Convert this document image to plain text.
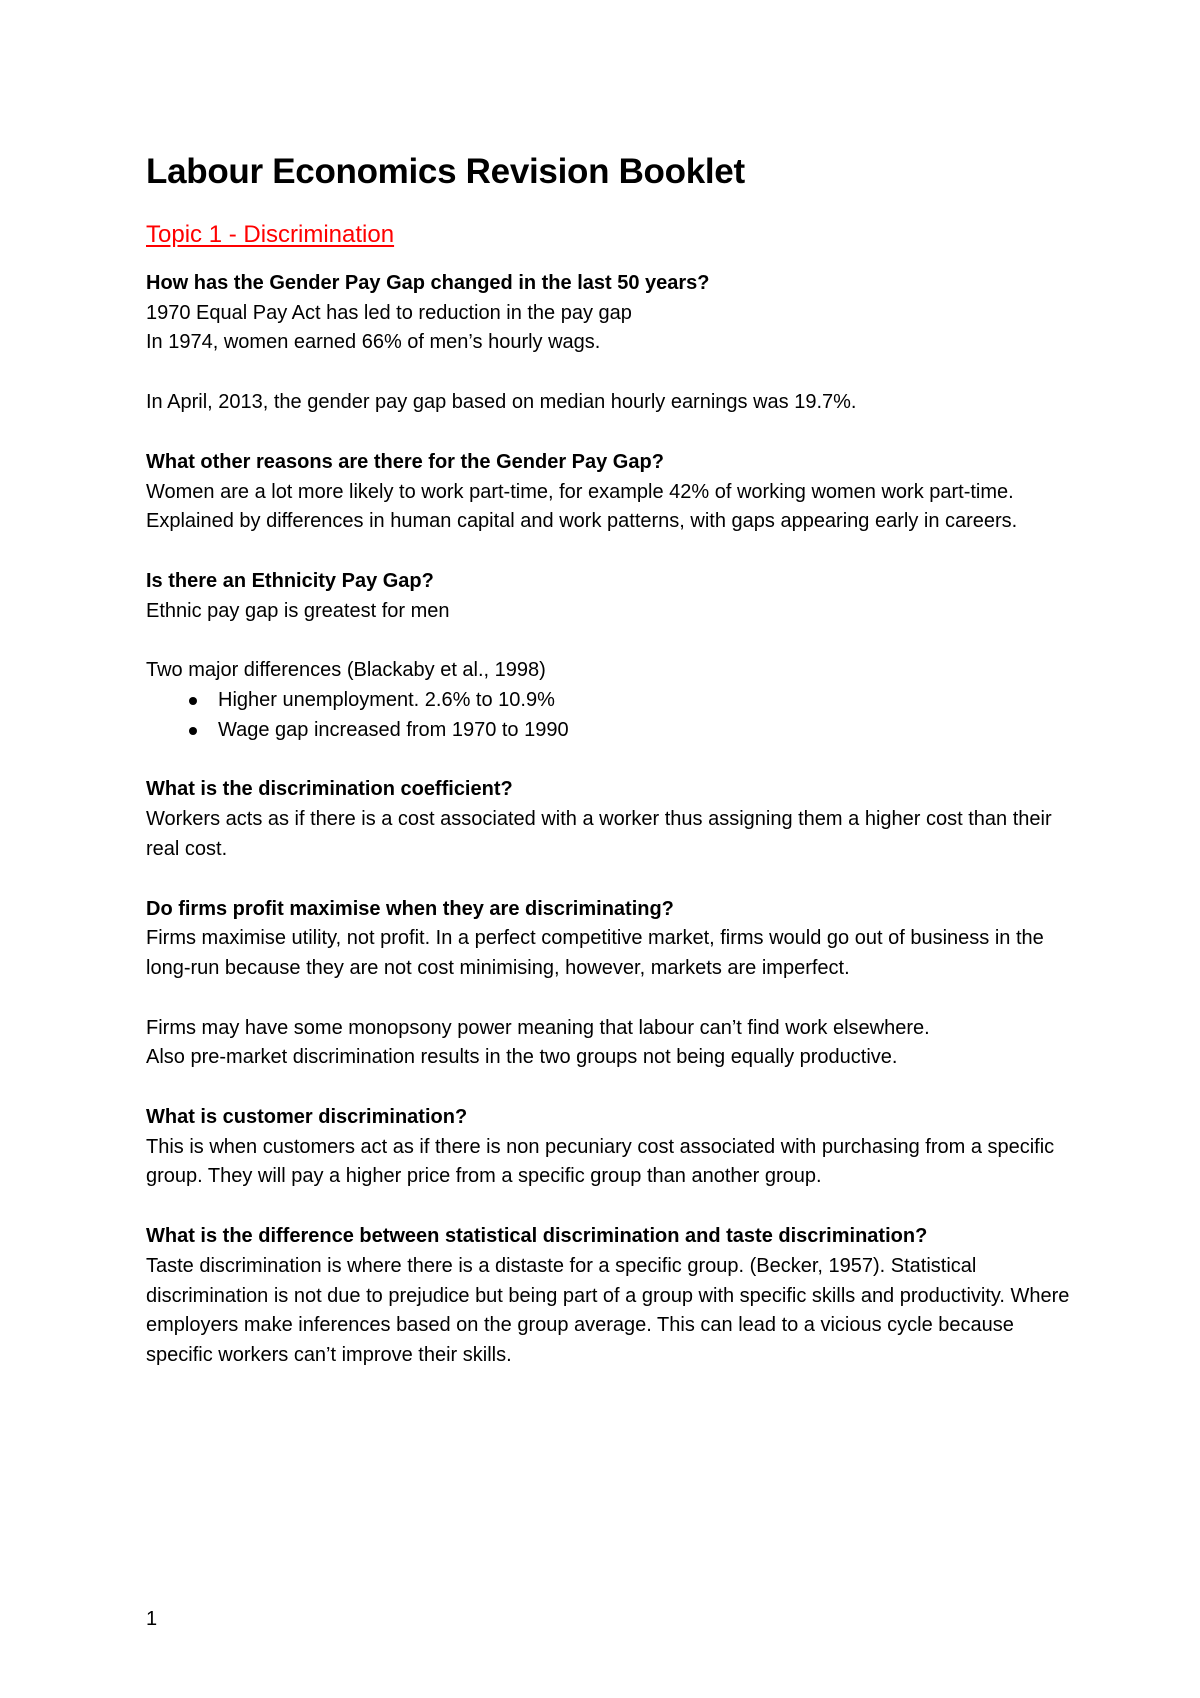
Labour Economics Revision Booklet
Topic 1 - Discrimination
How has the Gender Pay Gap changed in the last 50 years?
1970 Equal Pay Act has led to reduction in the pay gap
In 1974, women earned 66% of men’s hourly wags.
In April, 2013, the gender pay gap based on median hourly earnings was 19.7%.
What other reasons are there for the Gender Pay Gap?
Women are a lot more likely to work part-time, for example 42% of working women work part-time. Explained by differences in human capital and work patterns, with gaps appearing early in careers.
Is there an Ethnicity Pay Gap?
Ethnic pay gap is greatest for men
Two major differences (Blackaby et al., 1998)
Higher unemployment. 2.6% to 10.9%
Wage gap increased from 1970 to 1990
What is the discrimination coefficient?
Workers acts as if there is a cost associated with a worker thus assigning them a higher cost than their real cost.
Do firms profit maximise when they are discriminating?
Firms maximise utility, not profit. In a perfect competitive market, firms would go out of business in the long-run because they are not cost minimising, however, markets are imperfect.
Firms may have some monopsony power meaning that labour can’t find work elsewhere.
Also pre-market discrimination results in the two groups not being equally productive.
What is customer discrimination?
This is when customers act as if there is non pecuniary cost associated with purchasing from a specific group. They will pay a higher price from a specific group than another group.
What is the difference between statistical discrimination and taste discrimination?
Taste discrimination is where there is a distaste for a specific group. (Becker, 1957). Statistical discrimination is not due to prejudice but being part of a group with specific skills and productivity. Where employers make inferences based on the group average. This can lead to a vicious cycle because specific workers can’t improve their skills.
1
